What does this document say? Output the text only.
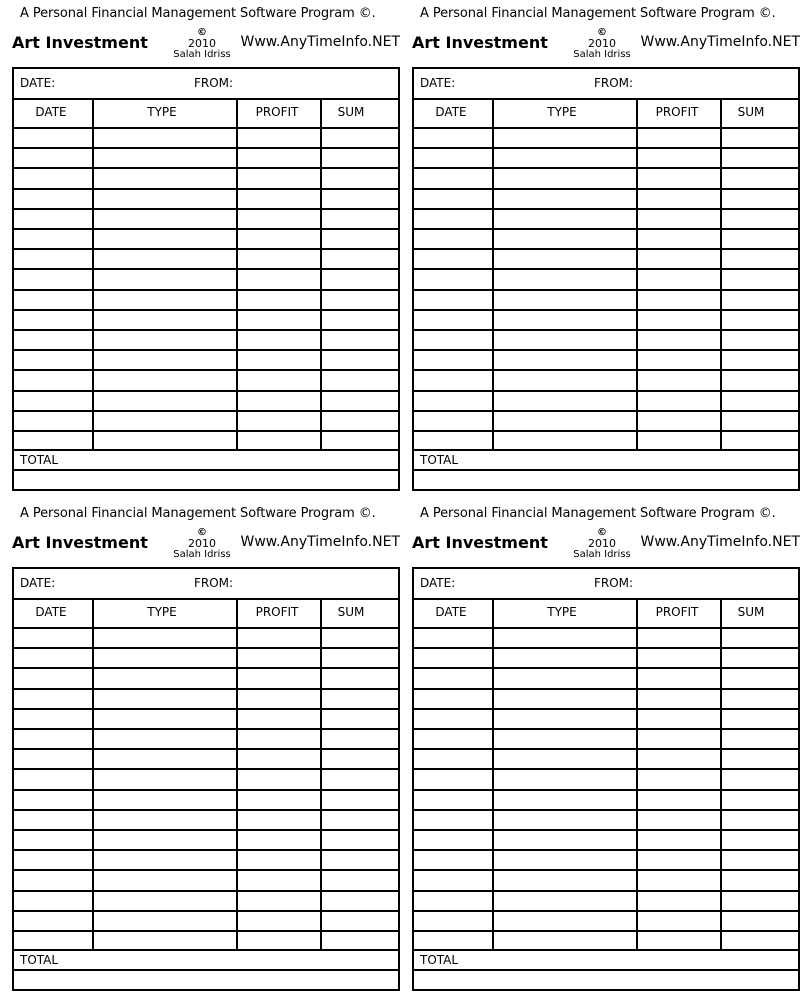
A Personal Financial Management Software Program ©.
Art Investment
©
2010
Salah Idriss
Www.AnyTimeInfo.NET
DATE:	FROM:
DATE	TYPE	PROFIT	SUM
TOTAL
A Personal Financial Management Software Program ©.
Art Investment
©
2010
Salah Idriss
Www.AnyTimeInfo.NET
DATE:	FROM:
DATE	TYPE	PROFIT	SUM
TOTAL
A Personal Financial Management Software Program ©.
Art Investment
©
2010
Salah Idriss
Www.AnyTimeInfo.NET
DATE:	FROM:
DATE	TYPE	PROFIT	SUM
TOTAL
A Personal Financial Management Software Program ©.
Art Investment
©
2010
Salah Idriss
Www.AnyTimeInfo.NET
DATE:	FROM:
DATE	TYPE	PROFIT	SUM
TOTAL
